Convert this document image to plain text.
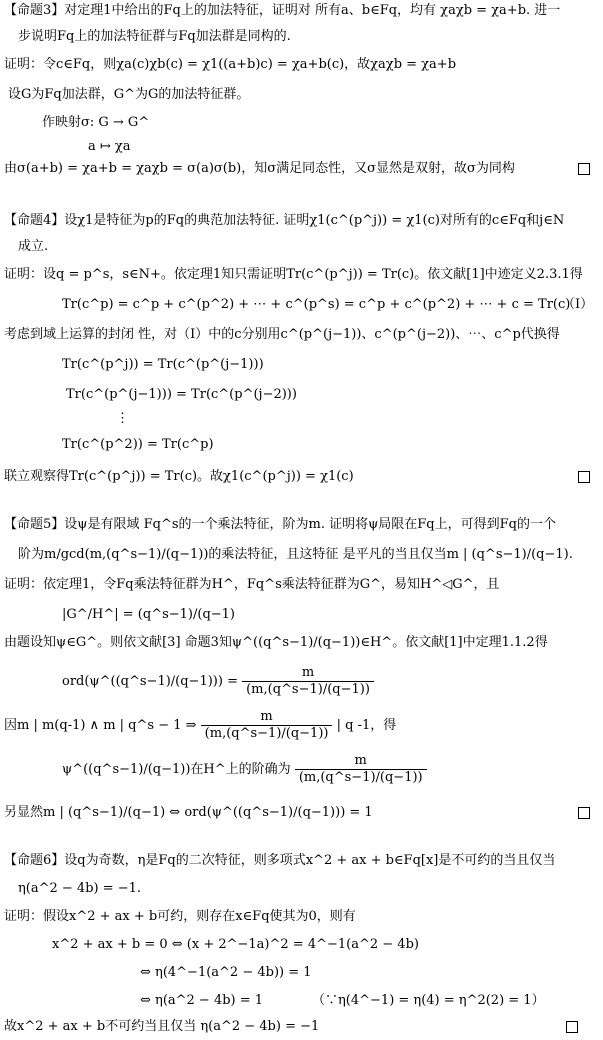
【命题3】对定理1中给出的Fq上的加法特征，证明对 所有a、b∈Fq，均有 χaχb = χa+b. 进一
步说明Fq上的加法特征群与Fq加法群是同构的.
证明：令c∈Fq，则χa(c)χb(c) = χ1((a+b)c) = χa+b(c)，故χaχb = χa+b
设G为Fq加法群，G^为G的加法特征群。
作映射σ: G → G^
a ↦ χa
由σ(a+b) = χa+b = χaχb = σ(a)σ(b)，知σ满足同态性，又σ显然是双射，故σ为同构
【命题4】设χ1是特征为p的Fq的典范加法特征. 证明χ1(c^(p^j)) = χ1(c)对所有的c∈Fq和j∈N
成立.
证明：设q = p^s，s∈N+。依定理1知只需证明Tr(c^(p^j)) = Tr(c)。依文献[1]中迹定义2.3.1得
Tr(c^p) = c^p + c^(p^2) + ⋯ + c^(p^s) = c^p + c^(p^2) + ⋯ + c = Tr(c)
（I）
考虑到域上运算的封闭 性，对（I）中的c分别用c^(p^(j−1))、c^(p^(j−2))、⋯、c^p代换得
Tr(c^(p^j)) = Tr(c^(p^(j−1)))
Tr(c^(p^(j−1))) = Tr(c^(p^(j−2)))
⋮
Tr(c^(p^2)) = Tr(c^p)
联立观察得Tr(c^(p^j)) = Tr(c)。故χ1(c^(p^j)) = χ1(c)
【命题5】设ψ是有限域 Fq^s的一个乘法特征，阶为m. 证明将ψ局限在Fq上，可得到Fq的一个
阶为m/gcd(m,(q^s−1)/(q−1))的乘法特征，且这特征 是平凡的当且仅当m | (q^s−1)/(q−1).
证明：依定理1，令Fq乘法特征群为H^，Fq^s乘法特征群为G^，易知H^◁G^，且
|G^/H^| = (q^s−1)/(q−1)
由题设知ψ∈G^。则依文献[3] 命题3知ψ^((q^s−1)/(q−1))∈H^。依文献[1]中定理1.1.2得
ord(ψ^((q^s−1)/(q−1))) = $\frac{m}{(m,(q\^{}s-1)/(q-1))}$
因m | m(q-1) ∧ m | q^s − 1 ⇒ $\frac{m}{(m,(q\^{}s-1)/(q-1))}$ | q -1，得
ψ^((q^s−1)/(q−1))在H^上的阶确为 $\frac{m}{(m,(q\^{}s-1)/(q-1))}$
另显然m | (q^s−1)/(q−1) ⇔ ord(ψ^((q^s−1)/(q−1))) = 1
【命题6】设q为奇数，η是Fq的二次特征，则多项式x^2 + ax + b∈Fq[x]是不可约的当且仅当
η(a^2 − 4b) = −1.
证明：假设x^2 + ax + b可约，则存在x∈Fq使其为0，则有
x^2 + ax + b = 0 ⇔ (x + 2^−1a)^2 = 4^−1(a^2 − 4b)
⇔ η(4^−1(a^2 − 4b)) = 1
⇔ η(a^2 − 4b) = 1	（∵η(4^−1) = η(4) = η^2(2) = 1）
故x^2 + ax + b不可约当且仅当 η(a^2 − 4b) = −1
